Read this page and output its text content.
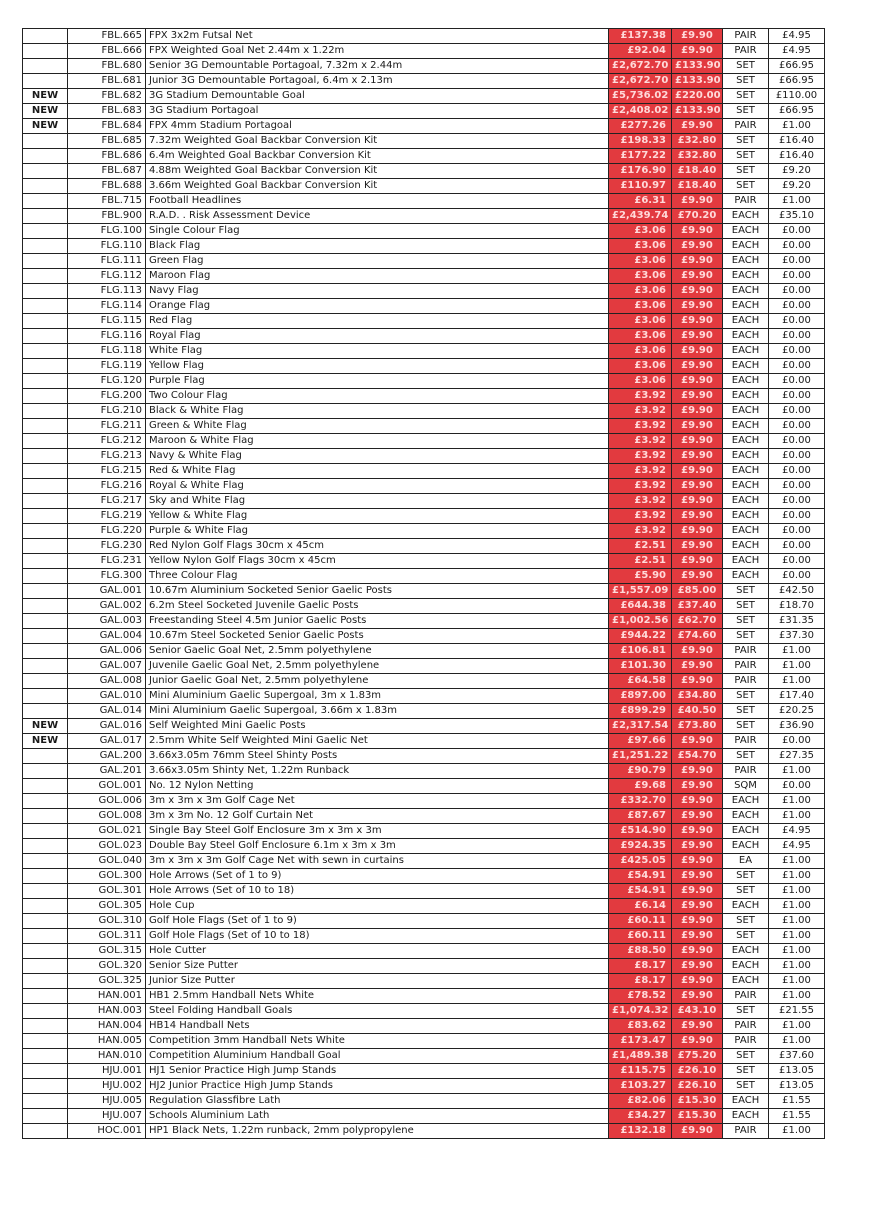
	FBL.665	FPX 3x2m Futsal Net	£137.38	£9.90	PAIR	£4.95
	FBL.666	FPX Weighted Goal Net 2.44m x 1.22m	£92.04	£9.90	PAIR	£4.95
	FBL.680	Senior 3G Demountable Portagoal, 7.32m x 2.44m	£2,672.70	£133.90	SET	£66.95
	FBL.681	Junior 3G Demountable Portagoal, 6.4m x 2.13m	£2,672.70	£133.90	SET	£66.95
NEW	FBL.682	3G Stadium Demountable Goal	£5,736.02	£220.00	SET	£110.00
NEW	FBL.683	3G Stadium Portagoal	£2,408.02	£133.90	SET	£66.95
NEW	FBL.684	FPX 4mm Stadium Portagoal	£277.26	£9.90	PAIR	£1.00
	FBL.685	7.32m Weighted Goal Backbar Conversion Kit	£198.33	£32.80	SET	£16.40
	FBL.686	6.4m Weighted Goal Backbar Conversion Kit	£177.22	£32.80	SET	£16.40
	FBL.687	4.88m Weighted Goal Backbar Conversion Kit	£176.90	£18.40	SET	£9.20
	FBL.688	3.66m Weighted Goal Backbar Conversion Kit	£110.97	£18.40	SET	£9.20
	FBL.715	Football Headlines	£6.31	£9.90	PAIR	£1.00
	FBL.900	R.A.D. . Risk Assessment Device	£2,439.74	£70.20	EACH	£35.10
	FLG.100	Single Colour Flag	£3.06	£9.90	EACH	£0.00
	FLG.110	Black Flag	£3.06	£9.90	EACH	£0.00
	FLG.111	Green Flag	£3.06	£9.90	EACH	£0.00
	FLG.112	Maroon Flag	£3.06	£9.90	EACH	£0.00
	FLG.113	Navy Flag	£3.06	£9.90	EACH	£0.00
	FLG.114	Orange Flag	£3.06	£9.90	EACH	£0.00
	FLG.115	Red Flag	£3.06	£9.90	EACH	£0.00
	FLG.116	Royal Flag	£3.06	£9.90	EACH	£0.00
	FLG.118	White Flag	£3.06	£9.90	EACH	£0.00
	FLG.119	Yellow Flag	£3.06	£9.90	EACH	£0.00
	FLG.120	Purple Flag	£3.06	£9.90	EACH	£0.00
	FLG.200	Two Colour Flag	£3.92	£9.90	EACH	£0.00
	FLG.210	Black & White Flag	£3.92	£9.90	EACH	£0.00
	FLG.211	Green & White Flag	£3.92	£9.90	EACH	£0.00
	FLG.212	Maroon & White Flag	£3.92	£9.90	EACH	£0.00
	FLG.213	Navy & White Flag	£3.92	£9.90	EACH	£0.00
	FLG.215	Red & White Flag	£3.92	£9.90	EACH	£0.00
	FLG.216	Royal & White Flag	£3.92	£9.90	EACH	£0.00
	FLG.217	Sky and White Flag	£3.92	£9.90	EACH	£0.00
	FLG.219	Yellow & White Flag	£3.92	£9.90	EACH	£0.00
	FLG.220	Purple & White Flag	£3.92	£9.90	EACH	£0.00
	FLG.230	Red Nylon Golf Flags 30cm x 45cm	£2.51	£9.90	EACH	£0.00
	FLG.231	Yellow Nylon Golf Flags 30cm x 45cm	£2.51	£9.90	EACH	£0.00
	FLG.300	Three Colour Flag	£5.90	£9.90	EACH	£0.00
	GAL.001	10.67m Aluminium Socketed Senior Gaelic Posts	£1,557.09	£85.00	SET	£42.50
	GAL.002	6.2m Steel Socketed Juvenile Gaelic Posts	£644.38	£37.40	SET	£18.70
	GAL.003	Freestanding Steel 4.5m Junior Gaelic Posts	£1,002.56	£62.70	SET	£31.35
	GAL.004	10.67m Steel Socketed Senior Gaelic Posts	£944.22	£74.60	SET	£37.30
	GAL.006	Senior Gaelic Goal Net, 2.5mm polyethylene	£106.81	£9.90	PAIR	£1.00
	GAL.007	Juvenile Gaelic Goal Net, 2.5mm polyethylene	£101.30	£9.90	PAIR	£1.00
	GAL.008	Junior Gaelic Goal Net, 2.5mm polyethylene	£64.58	£9.90	PAIR	£1.00
	GAL.010	Mini Aluminium Gaelic Supergoal, 3m x 1.83m	£897.00	£34.80	SET	£17.40
	GAL.014	Mini Aluminium Gaelic Supergoal, 3.66m x 1.83m	£899.29	£40.50	SET	£20.25
NEW	GAL.016	Self Weighted Mini Gaelic Posts	£2,317.54	£73.80	SET	£36.90
NEW	GAL.017	2.5mm White Self Weighted Mini Gaelic Net	£97.66	£9.90	PAIR	£0.00
	GAL.200	3.66x3.05m 76mm Steel Shinty Posts	£1,251.22	£54.70	SET	£27.35
	GAL.201	3.66x3.05m Shinty Net, 1.22m Runback	£90.79	£9.90	PAIR	£1.00
	GOL.001	No. 12 Nylon Netting	£9.68	£9.90	SQM	£0.00
	GOL.006	3m x 3m x 3m Golf Cage Net	£332.70	£9.90	EACH	£1.00
	GOL.008	3m x 3m No. 12 Golf Curtain Net	£87.67	£9.90	EACH	£1.00
	GOL.021	Single Bay Steel Golf Enclosure 3m x 3m x 3m	£514.90	£9.90	EACH	£4.95
	GOL.023	Double Bay Steel Golf Enclosure 6.1m x 3m x 3m	£924.35	£9.90	EACH	£4.95
	GOL.040	3m x 3m x 3m Golf Cage Net with sewn in curtains	£425.05	£9.90	EA	£1.00
	GOL.300	Hole Arrows (Set of 1 to 9)	£54.91	£9.90	SET	£1.00
	GOL.301	Hole Arrows (Set of 10 to 18)	£54.91	£9.90	SET	£1.00
	GOL.305	Hole Cup	£6.14	£9.90	EACH	£1.00
	GOL.310	Golf Hole Flags (Set of 1 to 9)	£60.11	£9.90	SET	£1.00
	GOL.311	Golf Hole Flags (Set of 10 to 18)	£60.11	£9.90	SET	£1.00
	GOL.315	Hole Cutter	£88.50	£9.90	EACH	£1.00
	GOL.320	Senior Size Putter	£8.17	£9.90	EACH	£1.00
	GOL.325	Junior Size Putter	£8.17	£9.90	EACH	£1.00
	HAN.001	HB1 2.5mm Handball Nets White	£78.52	£9.90	PAIR	£1.00
	HAN.003	Steel Folding Handball Goals	£1,074.32	£43.10	SET	£21.55
	HAN.004	HB14 Handball Nets	£83.62	£9.90	PAIR	£1.00
	HAN.005	Competition 3mm Handball Nets White	£173.47	£9.90	PAIR	£1.00
	HAN.010	Competition Aluminium Handball Goal	£1,489.38	£75.20	SET	£37.60
	HJU.001	HJ1 Senior Practice High Jump Stands	£115.75	£26.10	SET	£13.05
	HJU.002	HJ2 Junior Practice High Jump Stands	£103.27	£26.10	SET	£13.05
	HJU.005	Regulation Glassfibre Lath	£82.06	£15.30	EACH	£1.55
	HJU.007	Schools Aluminium Lath	£34.27	£15.30	EACH	£1.55
	HOC.001	HP1 Black Nets, 1.22m runback, 2mm polypropylene	£132.18	£9.90	PAIR	£1.00
